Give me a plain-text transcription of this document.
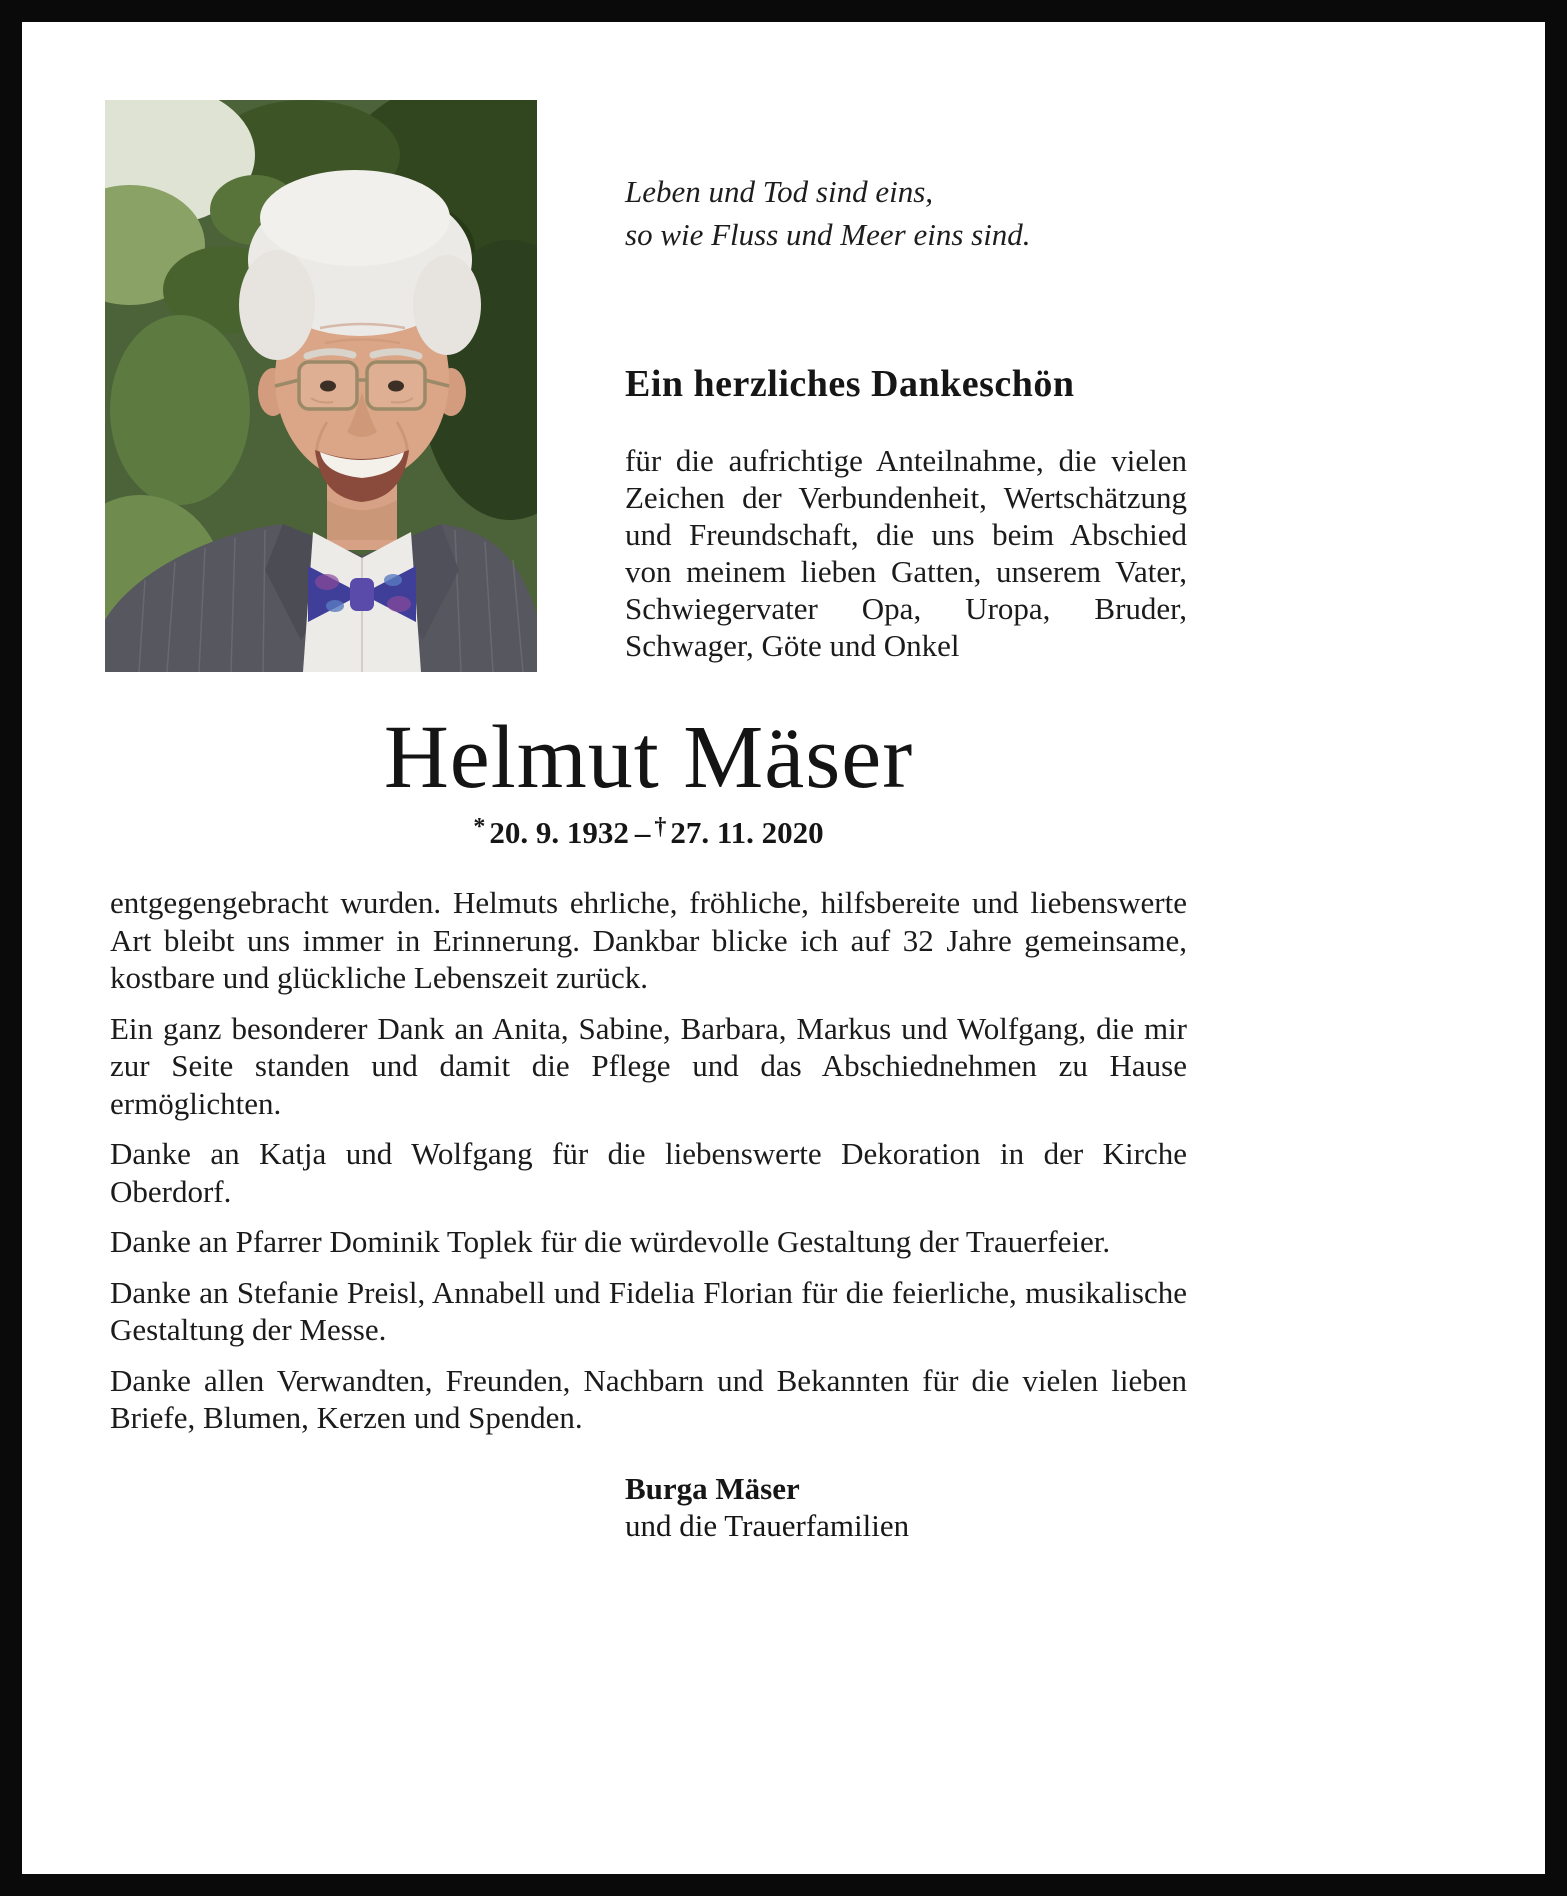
Leben und Tod sind eins,
so wie Fluss und Meer eins sind.
Ein herzliches Dankeschön
für die aufrichtige Anteilnahme, die vielen Zeichen der Verbundenheit, Wertschätzung und Freundschaft, die uns beim Abschied von meinem lieben Gatten, unserem Vater, Schwiegervater Opa, Uropa, Bruder, Schwager, Göte und Onkel
Helmut Mäser
* 20. 9. 1932 – † 27. 11. 2020

entgegengebracht wurden. Helmuts ehrliche, fröhliche, hilfsbereite und liebenswerte Art bleibt uns immer in Erinnerung. Dankbar blicke ich auf 32 Jahre gemeinsame, kostbare und glückliche Lebenszeit zurück.

Ein ganz besonderer Dank an Anita, Sabine, Barbara, Markus und Wolfgang, die mir zur Seite standen und damit die Pflege und das Abschiednehmen zu Hause ermöglichten.

Danke an Katja und Wolfgang für die liebenswerte Dekoration in der Kirche Oberdorf.

Danke an Pfarrer Dominik Toplek für die würdevolle Gestaltung der Trauerfeier.

Danke an Stefanie Preisl, Annabell und Fidelia Florian für die feierliche, musikalische Gestaltung der Messe.

Danke allen Verwandten, Freunden, Nachbarn und Bekannten für die vielen lieben Briefe, Blumen, Kerzen und Spenden.

Burga Mäser
und die Trauerfamilien
